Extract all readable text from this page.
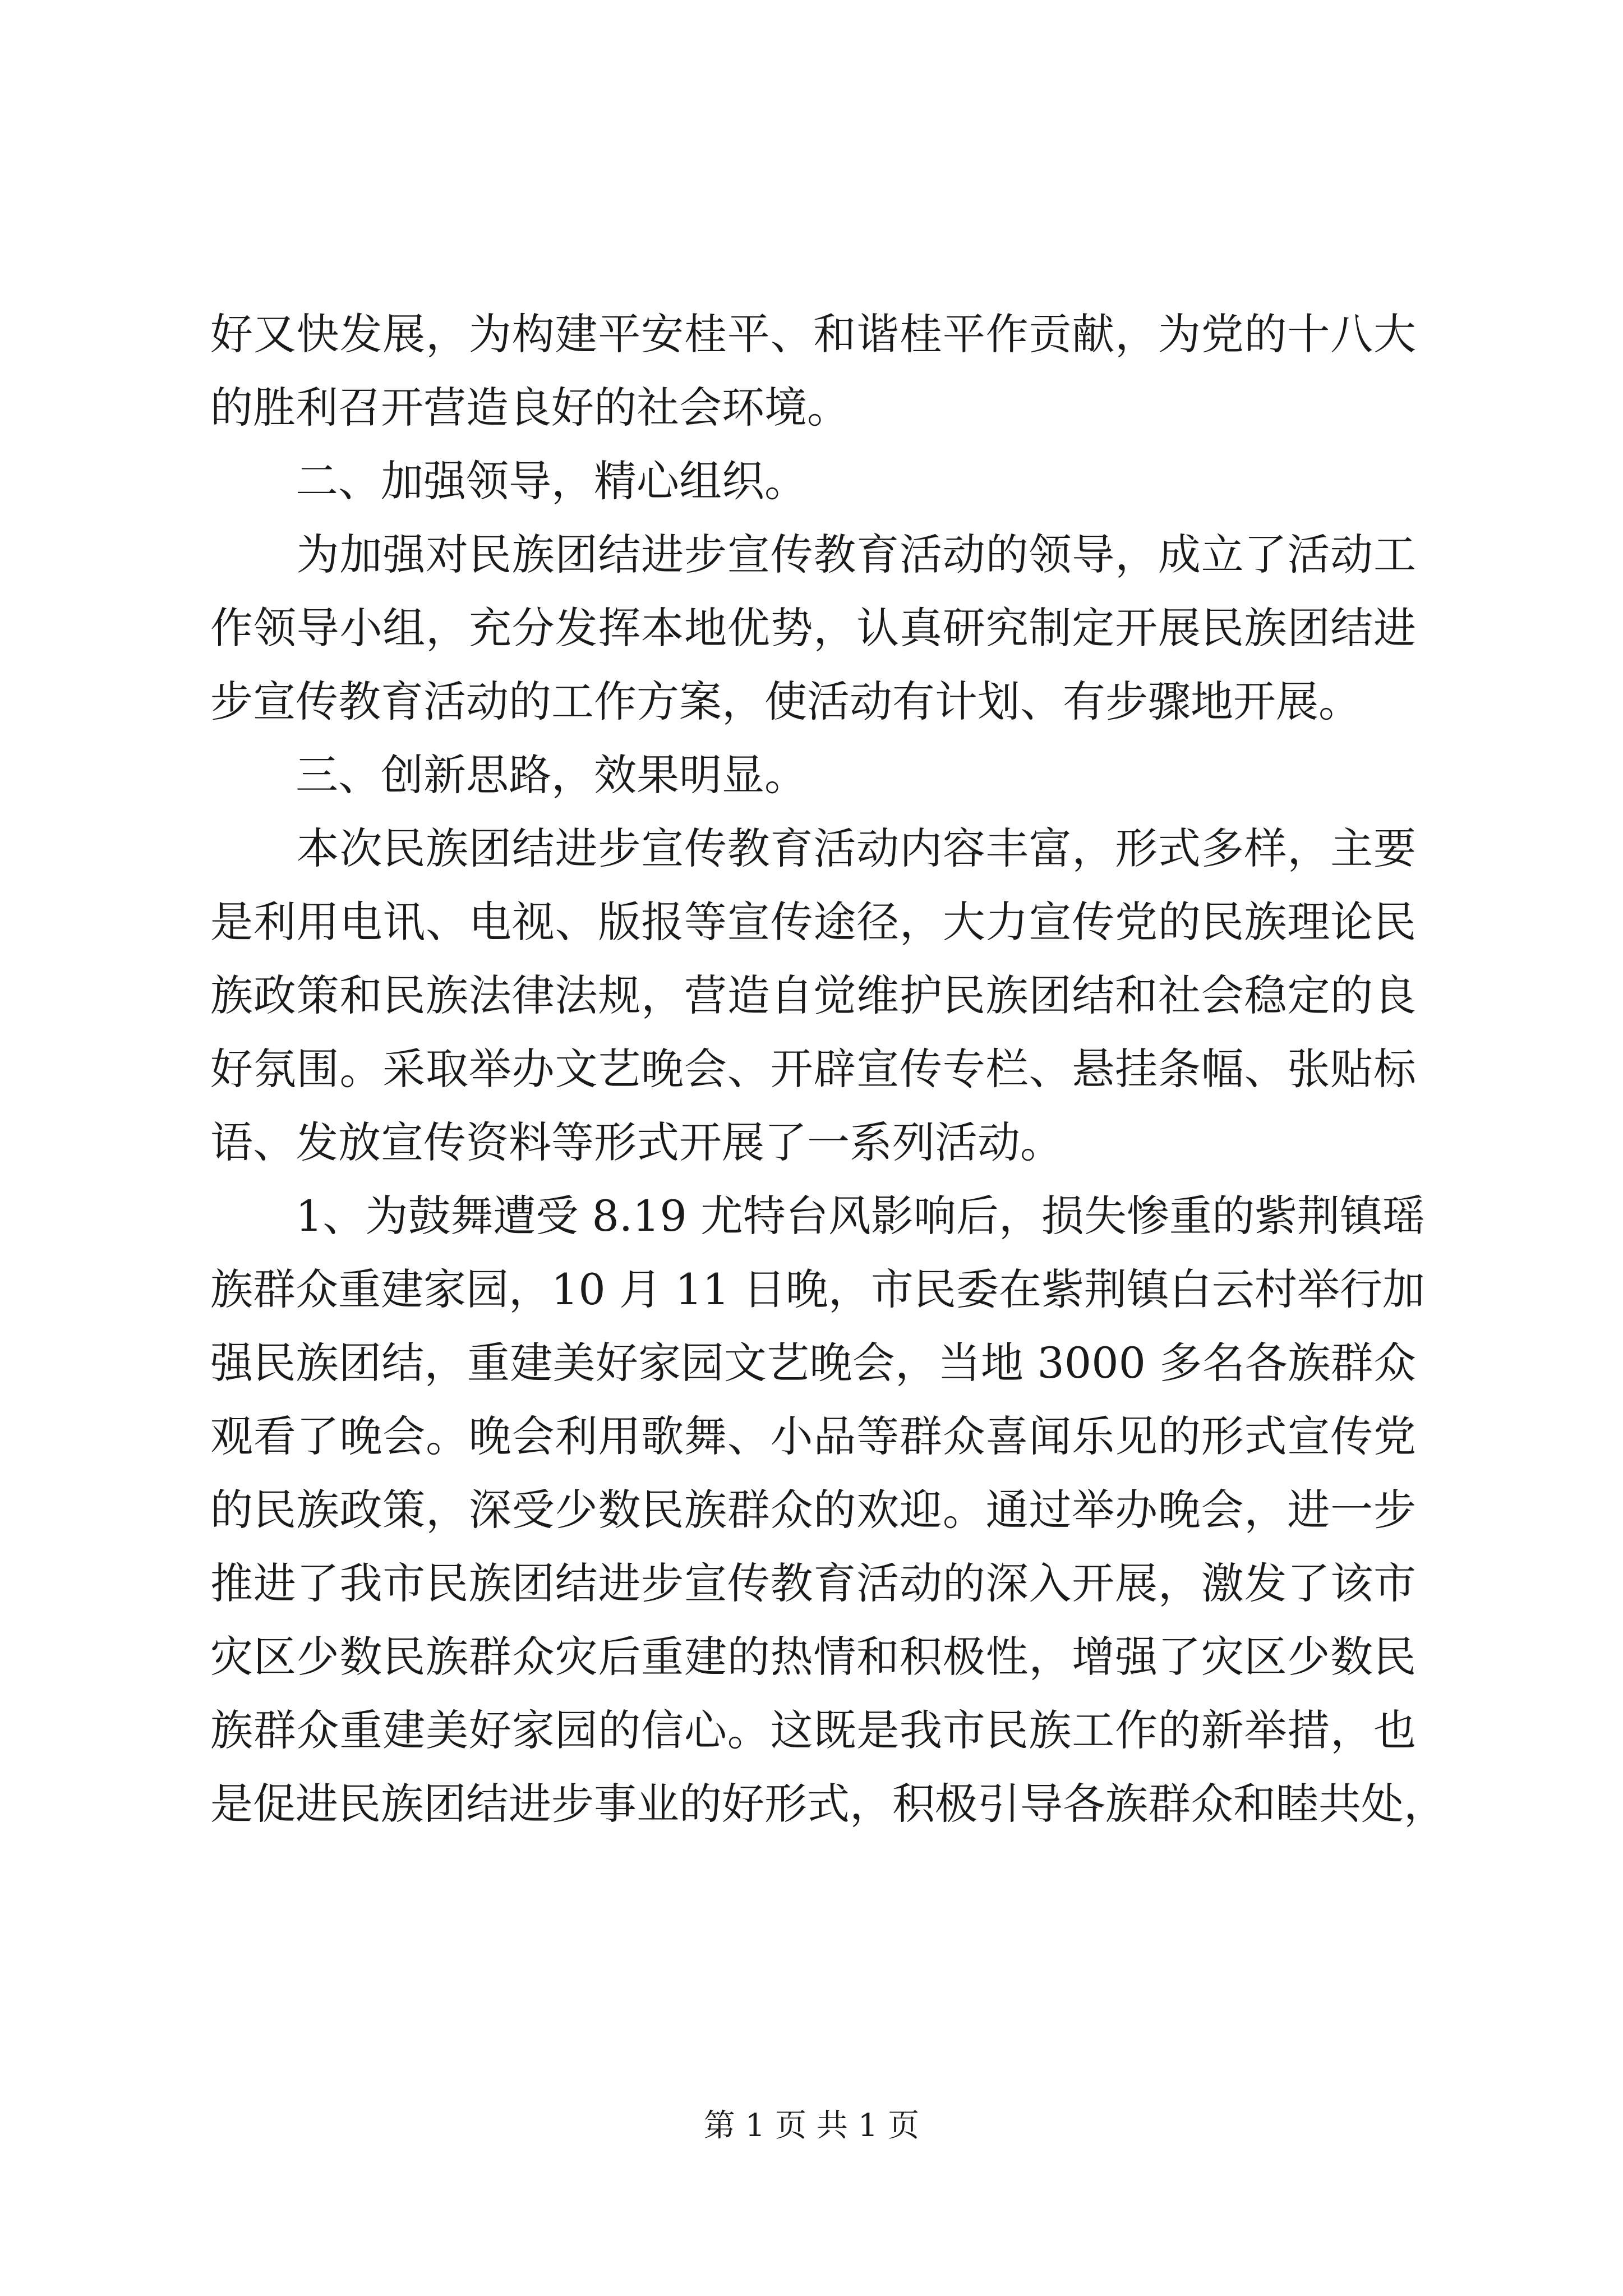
好又快发展，为构建平安桂平、和谐桂平作贡献，为党的十八大
的胜利召开营造良好的社会环境。
　　二、加强领导，精心组织。
　　为加强对民族团结进步宣传教育活动的领导，成立了活动工
作领导小组，充分发挥本地优势，认真研究制定开展民族团结进
步宣传教育活动的工作方案，使活动有计划、有步骤地开展。
　　三、创新思路，效果明显。
　　本次民族团结进步宣传教育活动内容丰富，形式多样，主要
是利用电讯、电视、版报等宣传途径，大力宣传党的民族理论民
族政策和民族法律法规，营造自觉维护民族团结和社会稳定的良
好氛围。采取举办文艺晚会、开辟宣传专栏、悬挂条幅、张贴标
语、发放宣传资料等形式开展了一系列活动。
　　1、为鼓舞遭受 8.19 尤特台风影响后，损失惨重的紫荆镇瑶
族群众重建家园，10 月 11 日晚，市民委在紫荆镇白云村举行加
强民族团结，重建美好家园文艺晚会，当地 3000 多名各族群众
观看了晚会。晚会利用歌舞、小品等群众喜闻乐见的形式宣传党
的民族政策，深受少数民族群众的欢迎。通过举办晚会，进一步
推进了我市民族团结进步宣传教育活动的深入开展，激发了该市
灾区少数民族群众灾后重建的热情和积极性，增强了灾区少数民
族群众重建美好家园的信心。这既是我市民族工作的新举措，也
是促进民族团结进步事业的好形式，积极引导各族群众和睦共处，
第 1 页 共 1 页
